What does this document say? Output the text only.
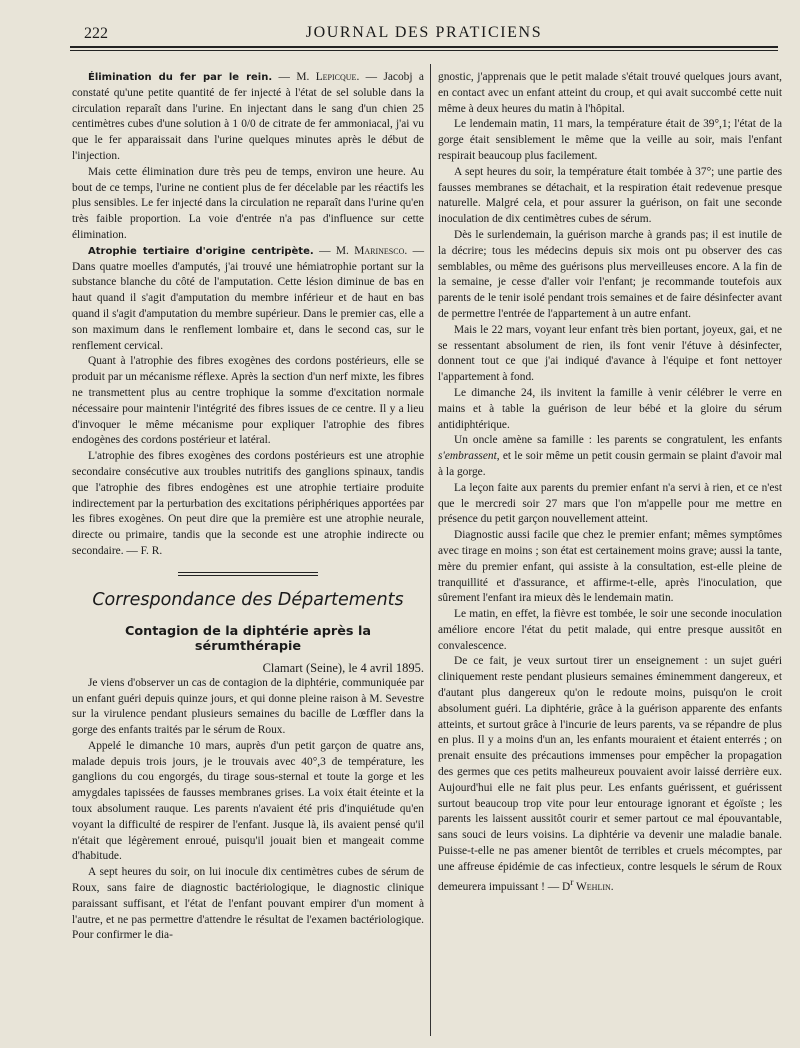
222	JOURNAL DES PRATICIENS

Élimination du fer par le rein. — M. Lepicque. — Jacobj a constaté qu'une petite quantité de fer injecté à l'état de sel soluble dans la circulation reparaît dans l'urine. En injectant dans le sang d'un chien 25 centimètres cubes d'une solution à 1 0/0 de citrate de fer ammoniacal, j'ai vu que le fer apparaissait dans l'urine quelques minutes après le début de l'injection.

Mais cette élimination dure très peu de temps, environ une heure. Au bout de ce temps, l'urine ne contient plus de fer décelable par les réactifs les plus sensibles. Le fer injecté dans la circulation ne reparaît dans l'urine qu'en très faible proportion. La voie d'entrée n'a pas d'influence sur cette élimination.

Atrophie tertiaire d'origine centripète. — M. Marinesco. — Dans quatre moelles d'amputés, j'ai trouvé une hémiatrophie portant sur la substance blanche du côté de l'amputation. Cette lésion diminue de bas en haut quand il s'agit d'amputation du membre inférieur et de haut en bas quand il s'agit d'amputation du membre supérieur. Dans le premier cas, elle a son maximum dans le renflement lombaire et, dans le second cas, sur le renflement cervical.

Quant à l'atrophie des fibres exogènes des cordons postérieurs, elle se produit par un mécanisme réflexe. Après la section d'un nerf mixte, les fibres ne transmettent plus au centre trophique la somme d'excitation normale nécessaire pour maintenir l'intégrité des fibres issues de ce centre. Il y a lieu d'invoquer le même mécanisme pour expliquer l'atrophie des fibres endogènes des cordons postérieur et latéral.

L'atrophie des fibres exogènes des cordons postérieurs est une atrophie secondaire consécutive aux troubles nutritifs des ganglions spinaux, tandis que l'atrophie des fibres endogènes est une atrophie tertiaire produite indirectement par la perturbation des excitations périphériques apportées par les fibres exogènes. On peut dire que la première est une atrophie neurale, directe ou primaire, tandis que la seconde est une atrophie indirecte ou secondaire. — F. R.

Correspondance des Départements
Contagion de la diphtérie après la sérumthérapie
Clamart (Seine), le 4 avril 1895.

Je viens d'observer un cas de contagion de la diphtérie, communiquée par un enfant guéri depuis quinze jours, et qui donne pleine raison à M. Sevestre sur la virulence pendant plusieurs semaines du bacille de Lœffler dans la gorge des enfants traités par le sérum de Roux.

Appelé le dimanche 10 mars, auprès d'un petit garçon de quatre ans, malade depuis trois jours, je le trouvais avec 40°,3 de température, les ganglions du cou engorgés, du tirage sous-sternal et toute la gorge et les amygdales tapissées de fausses membranes grises. La voix était éteinte et la toux absolument rauque. Les parents n'avaient été pris d'inquiétude qu'en voyant la difficulté de respirer de l'enfant. Jusque là, ils avaient pensé qu'il n'était que légèrement enroué, puisqu'il jouait bien et mangeait comme d'habitude.

A sept heures du soir, on lui inocule dix centimètres cubes de sérum de Roux, sans faire de diagnostic bactériologique, le diagnostic clinique paraissant suffisant, et l'état de l'enfant pouvant empirer d'un moment à l'autre, et ne pas permettre d'attendre le résultat de l'examen bactériologique. Pour confirmer le dia-

gnostic, j'apprenais que le petit malade s'était trouvé quelques jours avant, en contact avec un enfant atteint du croup, et qui avait succombé cette nuit même à deux heures du matin à l'hôpital.

Le lendemain matin, 11 mars, la température était de 39°,1; l'état de la gorge était sensiblement le même que la veille au soir, mais l'enfant respirait beaucoup plus facilement.

A sept heures du soir, la température était tombée à 37°; une partie des fausses membranes se détachait, et la respiration était redevenue presque naturelle. Malgré cela, et pour assurer la guérison, on fait une seconde inoculation de dix centimètres cubes de sérum.

Dès le surlendemain, la guérison marche à grands pas; il est inutile de la décrire; tous les médecins depuis six mois ont pu observer des cas semblables, ou même des guérisons plus merveilleuses encore. A la fin de la semaine, je cesse d'aller voir l'enfant; je recommande toutefois aux parents de le tenir isolé pendant trois semaines et de faire désinfecter avant de permettre l'entrée de l'appartement à un autre enfant.

Mais le 22 mars, voyant leur enfant très bien portant, joyeux, gai, et ne se ressentant absolument de rien, ils font venir l'étuve à désinfecter, donnent tout ce que j'ai indiqué d'avance à l'équipe et font nettoyer l'appartement à fond.

Le dimanche 24, ils invitent la famille à venir célébrer le verre en mains et à table la guérison de leur bébé et la gloire du sérum antidiphtérique.

Un oncle amène sa famille : les parents se congratulent, les enfants s'embrassent, et le soir même un petit cousin germain se plaint d'avoir mal à la gorge.

La leçon faite aux parents du premier enfant n'a servi à rien, et ce n'est que le mercredi soir 27 mars que l'on m'appelle pour me mettre en présence du petit garçon nouvellement atteint.

Diagnostic aussi facile que chez le premier enfant; mêmes symptômes avec tirage en moins ; son état est certainement moins grave; aussi la tante, mère du premier enfant, qui assiste à la consultation, est-elle pleine de tranquillité et d'assurance, et affirme-t-elle, après l'inoculation, que sûrement l'enfant ira mieux dès le lendemain matin.

Le matin, en effet, la fièvre est tombée, le soir une seconde inoculation améliore encore l'état du petit malade, qui entre presque aussitôt en convalescence.

De ce fait, je veux surtout tirer un enseignement : un sujet guéri cliniquement reste pendant plusieurs semaines éminemment dangereux, et d'autant plus dangereux qu'on le redoute moins, puisqu'on le croit absolument guéri. La diphtérie, grâce à la guérison apparente des enfants atteints, et surtout grâce à l'incurie de leurs parents, va se répandre de plus en plus. Il y a moins d'un an, les enfants mouraient et étaient enterrés ; on prenait ensuite des précautions immenses pour empêcher la propagation des germes que ces petits malheureux pouvaient avoir laissé derrière eux. Aujourd'hui elle ne fait plus peur. Les enfants guérissent, et guérissent surtout beaucoup trop vite pour leur entourage ignorant et égoïste ; les parents les laissent aussitôt courir et semer partout ce mal épouvantable, sans souci de leurs voisins. La diphtérie va devenir une maladie banale. Puisse-t-elle ne pas amener bientôt de terribles et cruels mécomptes, par une affreuse épidémie de cas infectieux, contre lesquels le sérum de Roux demeurera impuissant ! — $D^r$ Wehlin.
